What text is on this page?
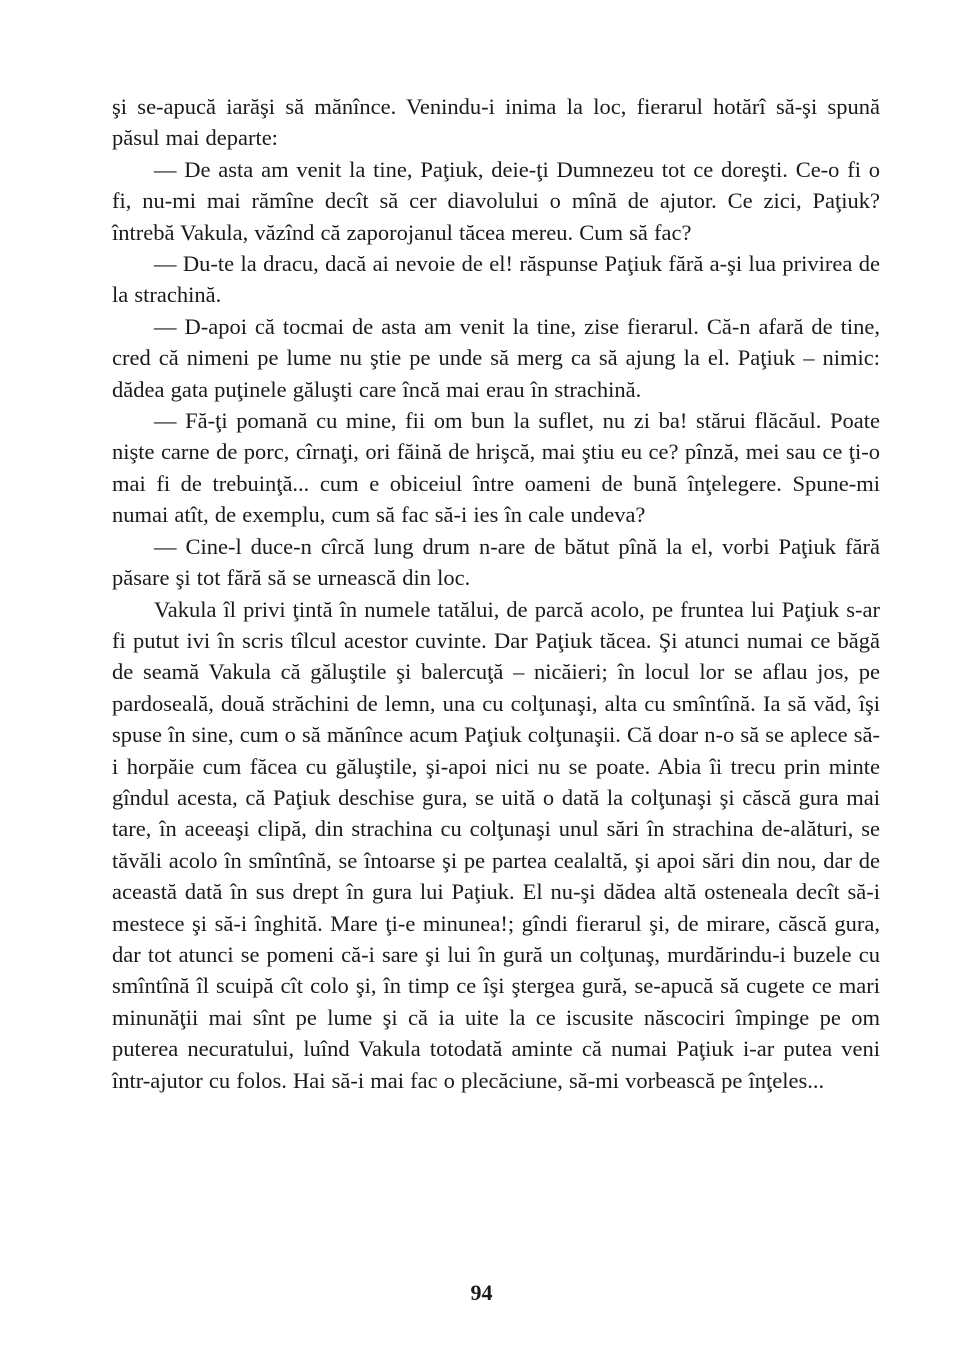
şi se-apucă iarăşi să mănînce. Venindu-i inima la loc, fierarul hotărî să-şi spună păsul mai departe:

— De asta am venit la tine, Paţiuk, deie-ţi Dumnezeu tot ce doreşti. Ce-o fi o fi, nu-mi mai rămîne decît să cer diavolului o mînă de ajutor. Ce zici, Paţiuk? întrebă Vakula, văzînd că zaporojanul tăcea mereu. Cum să fac?

— Du-te la dracu, dacă ai nevoie de el! răspunse Paţiuk fără a-şi lua privirea de la strachină.

— D-apoi că tocmai de asta am venit la tine, zise fierarul. Că-n afară de tine, cred că nimeni pe lume nu ştie pe unde să merg ca să ajung la el. Paţiuk – nimic: dădea gata puţinele găluşti care încă mai erau în strachină.

— Fă-ţi pomană cu mine, fii om bun la suflet, nu zi ba! stărui flăcăul. Poate nişte carne de porc, cîrnaţi, ori făină de hrişcă, mai ştiu eu ce? pînză, mei sau ce ţi-o mai fi de trebuinţă... cum e obiceiul între oameni de bună înţelegere. Spune-mi numai atît, de exemplu, cum să fac să-i ies în cale undeva?

— Cine-l duce-n cîrcă lung drum n-are de bătut pînă la el, vorbi Paţiuk fără păsare şi tot fără să se urnească din loc.

Vakula îl privi ţintă în numele tatălui, de parcă acolo, pe fruntea lui Paţiuk s-ar fi putut ivi în scris tîlcul acestor cuvinte. Dar Paţiuk tăcea. Şi atunci numai ce băgă de seamă Vakula că găluştile şi balercuţă – nicăieri; în locul lor se aflau jos, pe pardoseală, două străchini de lemn, una cu colţunaşi, alta cu smîntînă. Ia să văd, îşi spuse în sine, cum o să mănînce acum Paţiuk colţunaşii. Că doar n-o să se aplece să-i horpăie cum făcea cu găluştile, şi-apoi nici nu se poate. Abia îi trecu prin minte gîndul acesta, că Paţiuk deschise gura, se uită o dată la colţunaşi şi căscă gura mai tare, în aceeaşi clipă, din strachina cu colţunaşi unul sări în strachina de-alături, se tăvăli acolo în smîntînă, se întoarse şi pe partea cealaltă, şi apoi sări din nou, dar de această dată în sus drept în gura lui Paţiuk. El nu-şi dădea altă osteneala decît să-i mestece şi să-i înghită. Mare ţi-e minunea!; gîndi fierarul şi, de mirare, căscă gura, dar tot atunci se pomeni că-i sare şi lui în gură un colţunaş, murdărindu-i buzele cu smîntînă îl scuipă cît colo şi, în timp ce îşi ştergea gură, se-apucă să cugete ce mari minunăţii mai sînt pe lume şi că ia uite la ce iscusite născociri împinge pe om puterea necuratului, luînd Vakula totodată aminte că numai Paţiuk i-ar putea veni într-ajutor cu folos. Hai să-i mai fac o plecăciune, să-mi vorbească pe înţeles...

94
